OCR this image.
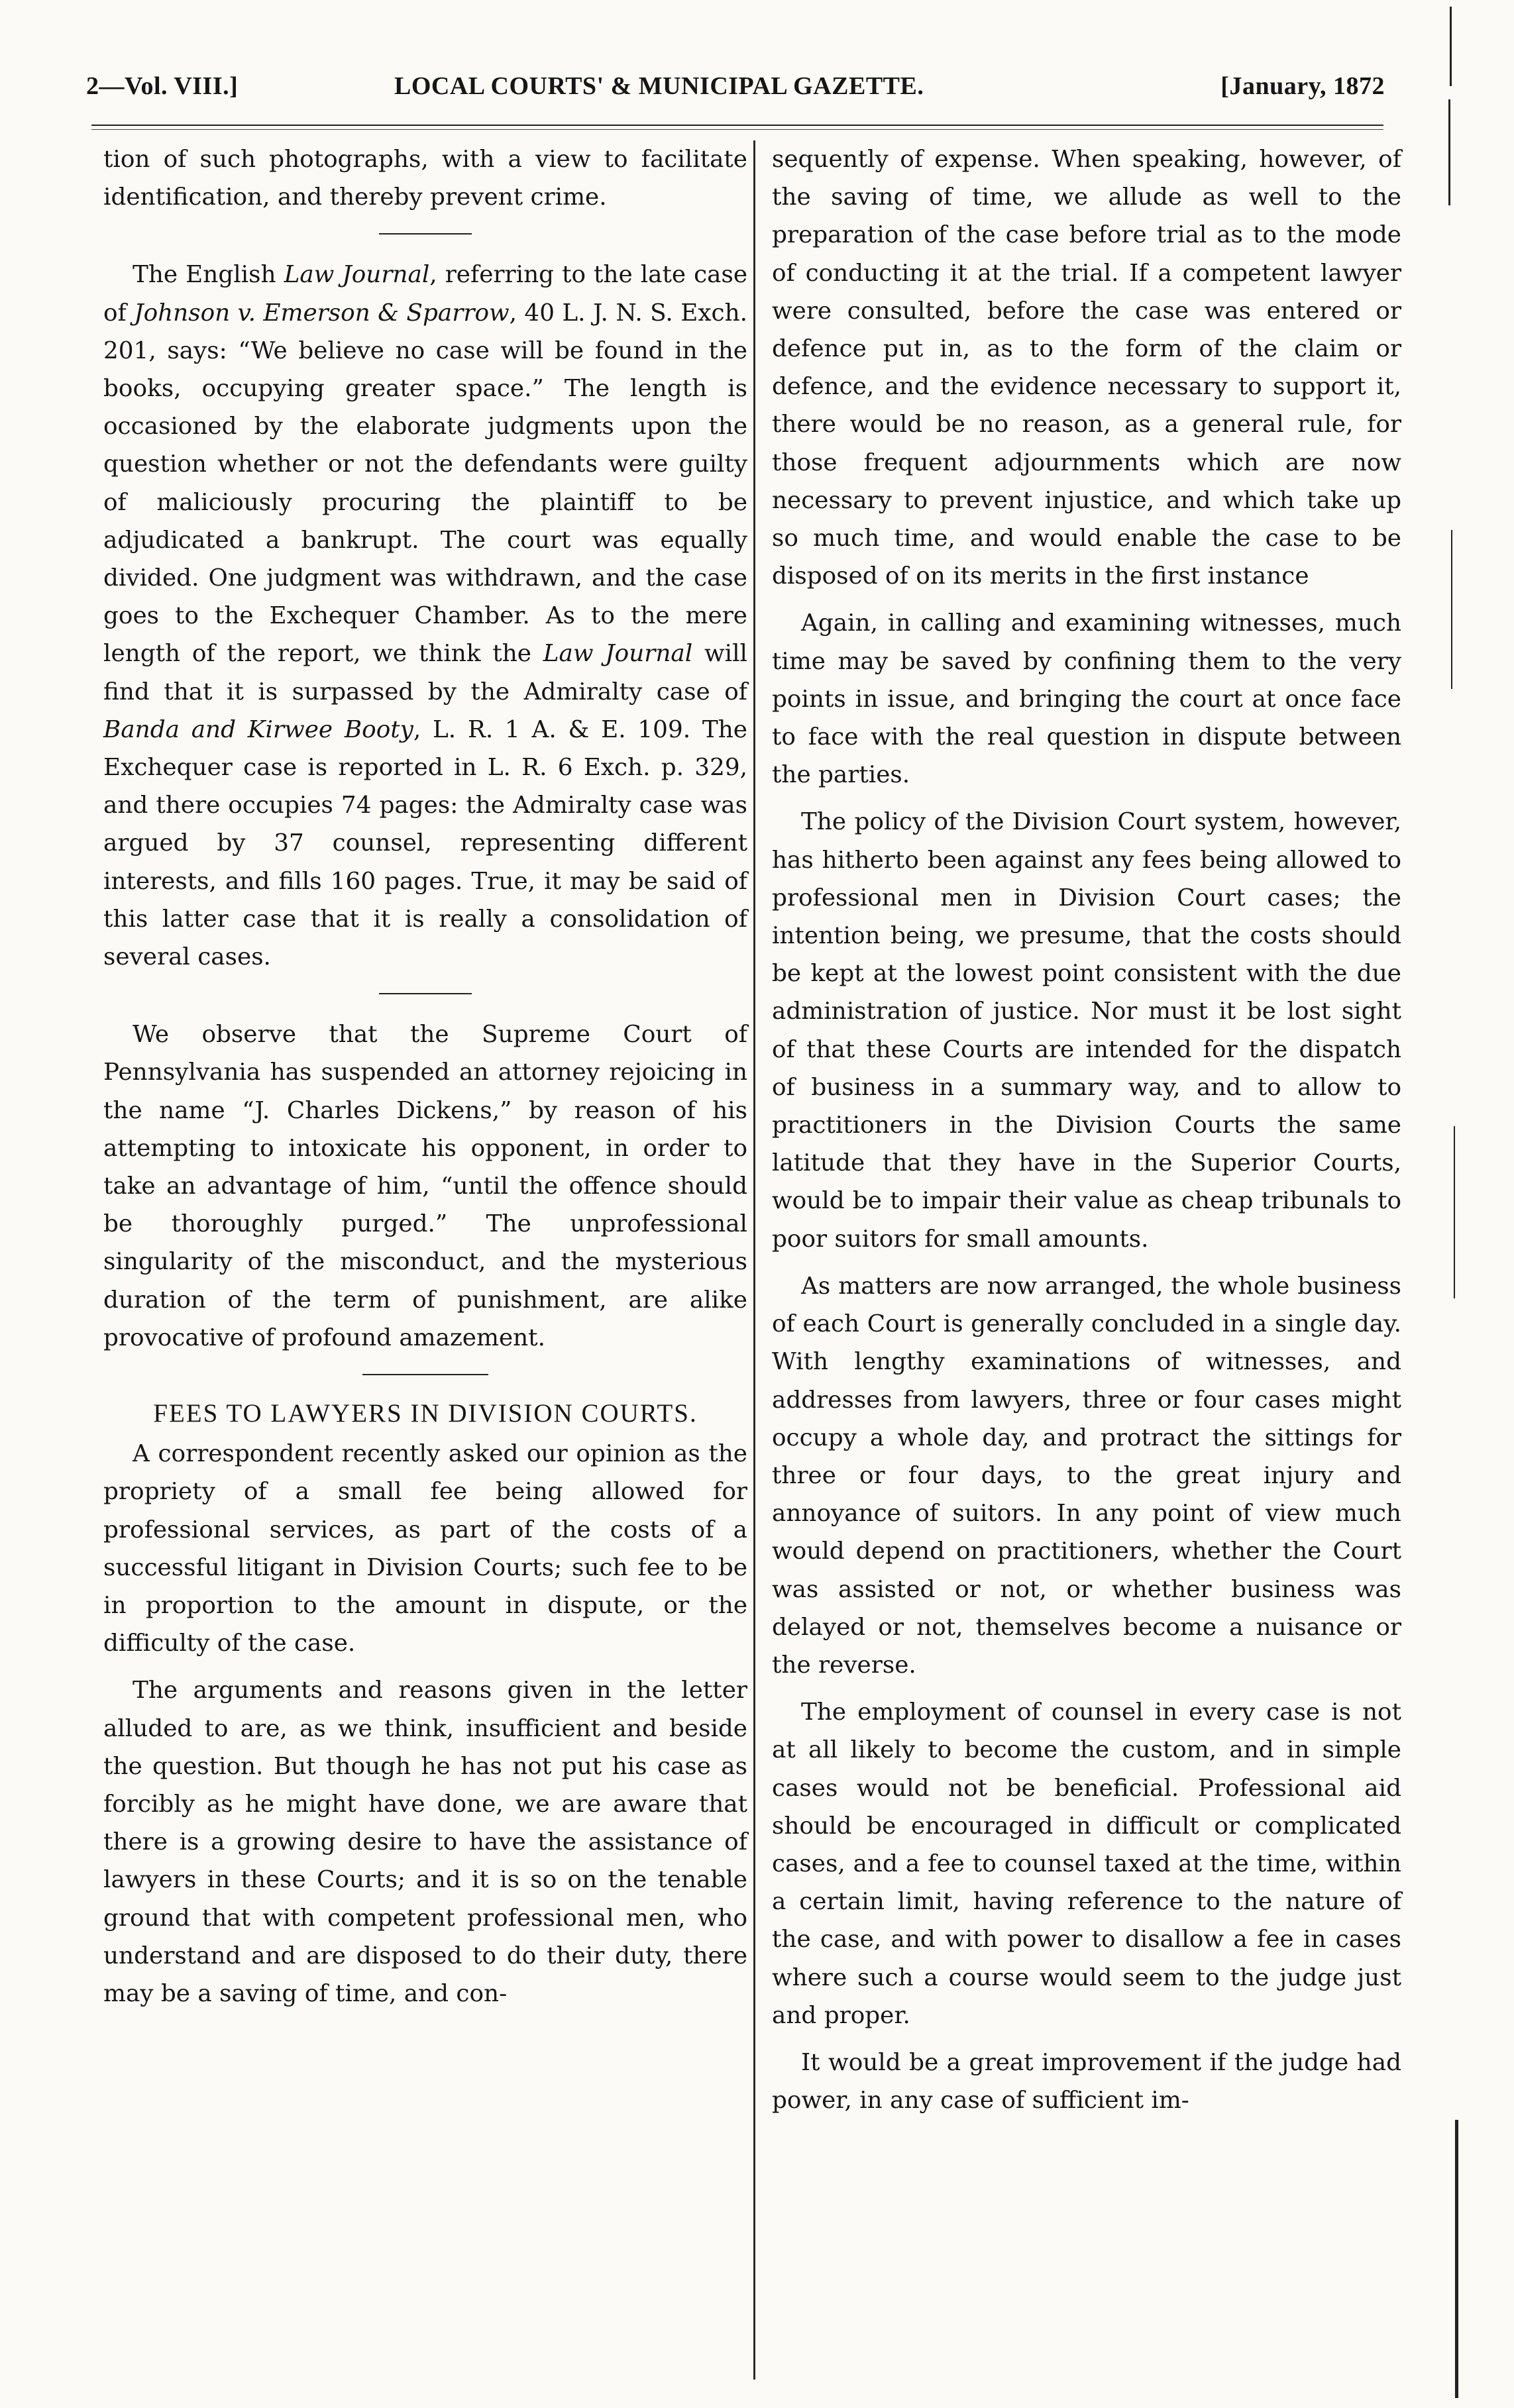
2—Vol. VIII.]	LOCAL COURTS' & MUNICIPAL GAZETTE.	[January, 1872

tion of such photographs, with a view to facilitate identification, and thereby prevent crime.

The English Law Journal, referring to the late case of Johnson v. Emerson & Sparrow, 40 L. J. N. S. Exch. 201, says: “We believe no case will be found in the books, occupying greater space.” The length is occasioned by the elaborate judgments upon the question whether or not the defendants were guilty of maliciously procuring the plaintiff to be adjudicated a bankrupt. The court was equally divided. One judgment was withdrawn, and the case goes to the Exchequer Chamber. As to the mere length of the report, we think the Law Journal will find that it is surpassed by the Admiralty case of Banda and Kirwee Booty, L. R. 1 A. & E. 109. The Exchequer case is reported in L. R. 6 Exch. p. 329, and there occupies 74 pages: the Admiralty case was argued by 37 counsel, representing different interests, and fills 160 pages. True, it may be said of this latter case that it is really a consolidation of several cases.

We observe that the Supreme Court of Pennsylvania has suspended an attorney rejoicing in the name “J. Charles Dickens,” by reason of his attempting to intoxicate his opponent, in order to take an advantage of him, “until the offence should be thoroughly purged.” The unprofessional singularity of the misconduct, and the mysterious duration of the term of punishment, are alike provocative of profound amazement.

FEES TO LAWYERS IN DIVISION COURTS.

A correspondent recently asked our opinion as the propriety of a small fee being allowed for professional services, as part of the costs of a successful litigant in Division Courts; such fee to be in proportion to the amount in dispute, or the difficulty of the case.

The arguments and reasons given in the letter alluded to are, as we think, insufficient and beside the question. But though he has not put his case as forcibly as he might have done, we are aware that there is a growing desire to have the assistance of lawyers in these Courts; and it is so on the tenable ground that with competent professional men, who understand and are disposed to do their duty, there may be a saving of time, and con-

sequently of expense. When speaking, however, of the saving of time, we allude as well to the preparation of the case before trial as to the mode of conducting it at the trial. If a competent lawyer were consulted, before the case was entered or defence put in, as to the form of the claim or defence, and the evidence necessary to support it, there would be no reason, as a general rule, for those frequent adjournments which are now necessary to prevent injustice, and which take up so much time, and would enable the case to be disposed of on its merits in the first instance

Again, in calling and examining witnesses, much time may be saved by confining them to the very points in issue, and bringing the court at once face to face with the real question in dispute between the parties.

The policy of the Division Court system, however, has hitherto been against any fees being allowed to professional men in Division Court cases; the intention being, we presume, that the costs should be kept at the lowest point consistent with the due administration of justice. Nor must it be lost sight of that these Courts are intended for the dispatch of business in a summary way, and to allow to practitioners in the Division Courts the same latitude that they have in the Superior Courts, would be to impair their value as cheap tribunals to poor suitors for small amounts.

As matters are now arranged, the whole business of each Court is generally concluded in a single day. With lengthy examinations of witnesses, and addresses from lawyers, three or four cases might occupy a whole day, and protract the sittings for three or four days, to the great injury and annoyance of suitors. In any point of view much would depend on practitioners, whether the Court was assisted or not, or whether business was delayed or not, themselves become a nuisance or the reverse.

The employment of counsel in every case is not at all likely to become the custom, and in simple cases would not be beneficial. Professional aid should be encouraged in difficult or complicated cases, and a fee to counsel taxed at the time, within a certain limit, having reference to the nature of the case, and with power to disallow a fee in cases where such a course would seem to the judge just and proper.

It would be a great improvement if the judge had power, in any case of sufficient im-
